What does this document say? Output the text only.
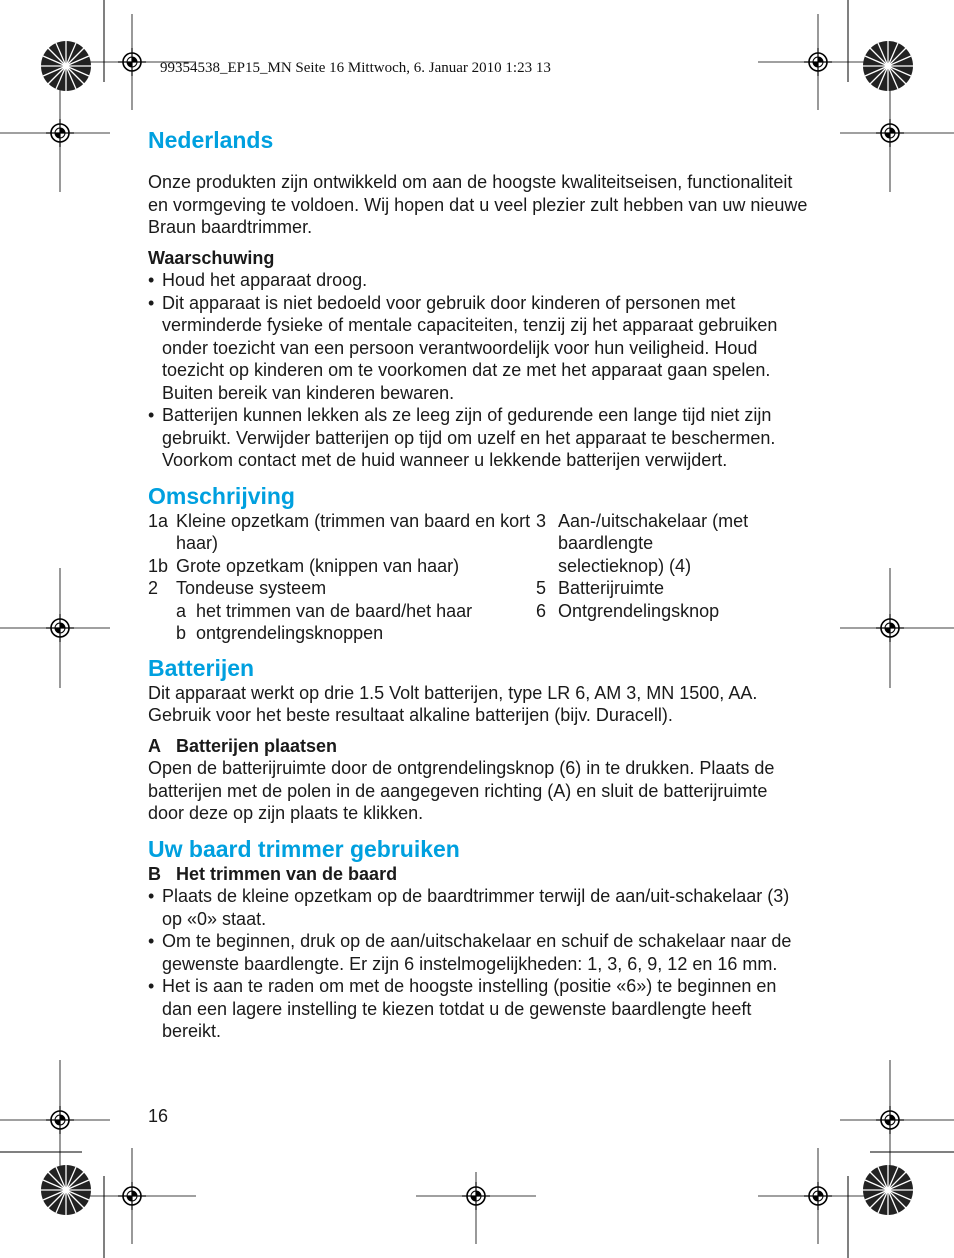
99354538_EP15_MN Seite 16 Mittwoch, 6. Januar 2010 1:23 13
Nederlands

Onze produkten zijn ontwikkeld om aan de hoogste kwaliteitseisen, functionaliteit en vormgeving te voldoen. Wij hopen dat u veel plezier zult hebben van uw nieuwe Braun baardtrimmer.

Waarschuwing

• Houd het apparaat droog.
• Dit apparaat is niet bedoeld voor gebruik door kinderen of personen met verminderde fysieke of mentale capaciteiten, tenzij zij het apparaat gebruiken onder toezicht van een persoon verantwoordelijk voor hun veiligheid. Houd toezicht op kinderen om te voorkomen dat ze met het apparaat gaan spelen. Buiten bereik van kinderen bewaren.
• Batterijen kunnen lekken als ze leeg zijn of gedurende een lange tijd niet zijn gebruikt. Verwijder batterijen op tijd om uzelf en het apparaat te beschermen. Voorkom contact met de huid wanneer u lekkende batterijen verwijdert.
Omschrijving
1a Kleine opzetkam (trimmen van baard en kort haar)
1b Grote opzetkam (knippen van haar)
2 Tondeuse systeem
a het trimmen van de baard/het haar
b ontgrendelingsknoppen
3 Aan-/uitschakelaar (met baardlengte selectieknop) (4)
5 Batterijruimte
6 Ontgrendelingsknop
Batterijen

Dit apparaat werkt op drie 1.5 Volt batterijen, type LR 6, AM 3, MN 1500, AA. Gebruik voor het beste resultaat alkaline batterijen (bijv. Duracell).

A Batterijen plaatsen

Open de batterijruimte door de ontgrendelingsknop (6) in te drukken. Plaats de batterijen met de polen in de aangegeven richting (A) en sluit de batterijruimte door deze op zijn plaats te klikken.

Uw baard trimmer gebruiken
B Het trimmen van de baard
• Plaats de kleine opzetkam op de baardtrimmer terwijl de aan/uit-schakelaar (3) op «0» staat.
• Om te beginnen, druk op de aan/uitschakelaar en schuif de schakelaar naar de gewenste baardlengte. Er zijn 6 instelmogelijkheden: 1, 3, 6, 9, 12 en 16 mm.
• Het is aan te raden om met de hoogste instelling (positie «6») te beginnen en dan een lagere instelling te kiezen totdat u de gewenste baardlengte heeft bereikt.
16
